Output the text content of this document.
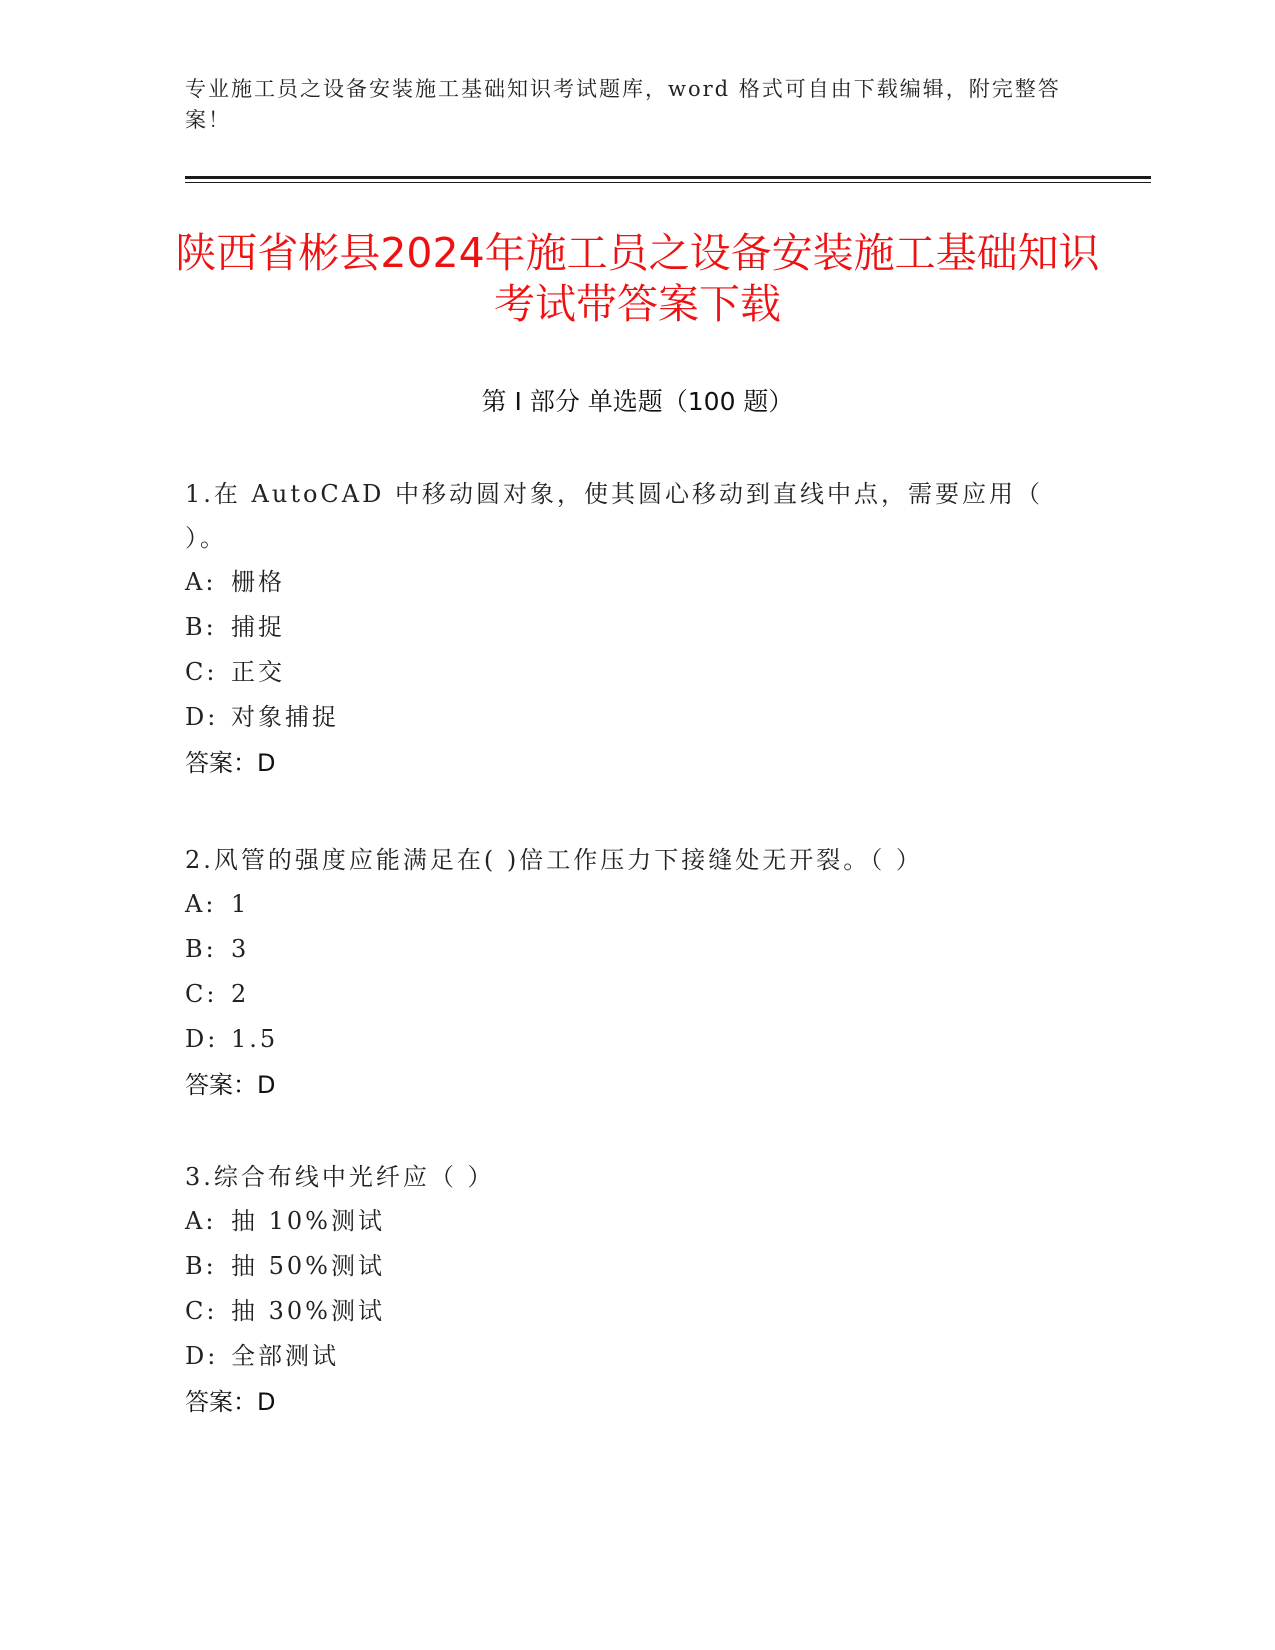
专业施工员之设备安装施工基础知识考试题库，word 格式可自由下载编辑，附完整答案！
陕西省彬县2024年施工员之设备安装施工基础知识考试带答案下载
第 I 部分 单选题（100 题）
1.在 AutoCAD 中移动圆对象，使其圆心移动到直线中点，需要应用（ ）。
A: 栅格
B: 捕捉
C: 正交
D: 对象捕捉
答案：D
2.风管的强度应能满足在( )倍工作压力下接缝处无开裂。（ ）
A: 1
B: 3
C: 2
D: 1.5
答案：D
3.综合布线中光纤应（ ）
A: 抽 10%测试
B: 抽 50%测试
C: 抽 30%测试
D: 全部测试
答案：D
